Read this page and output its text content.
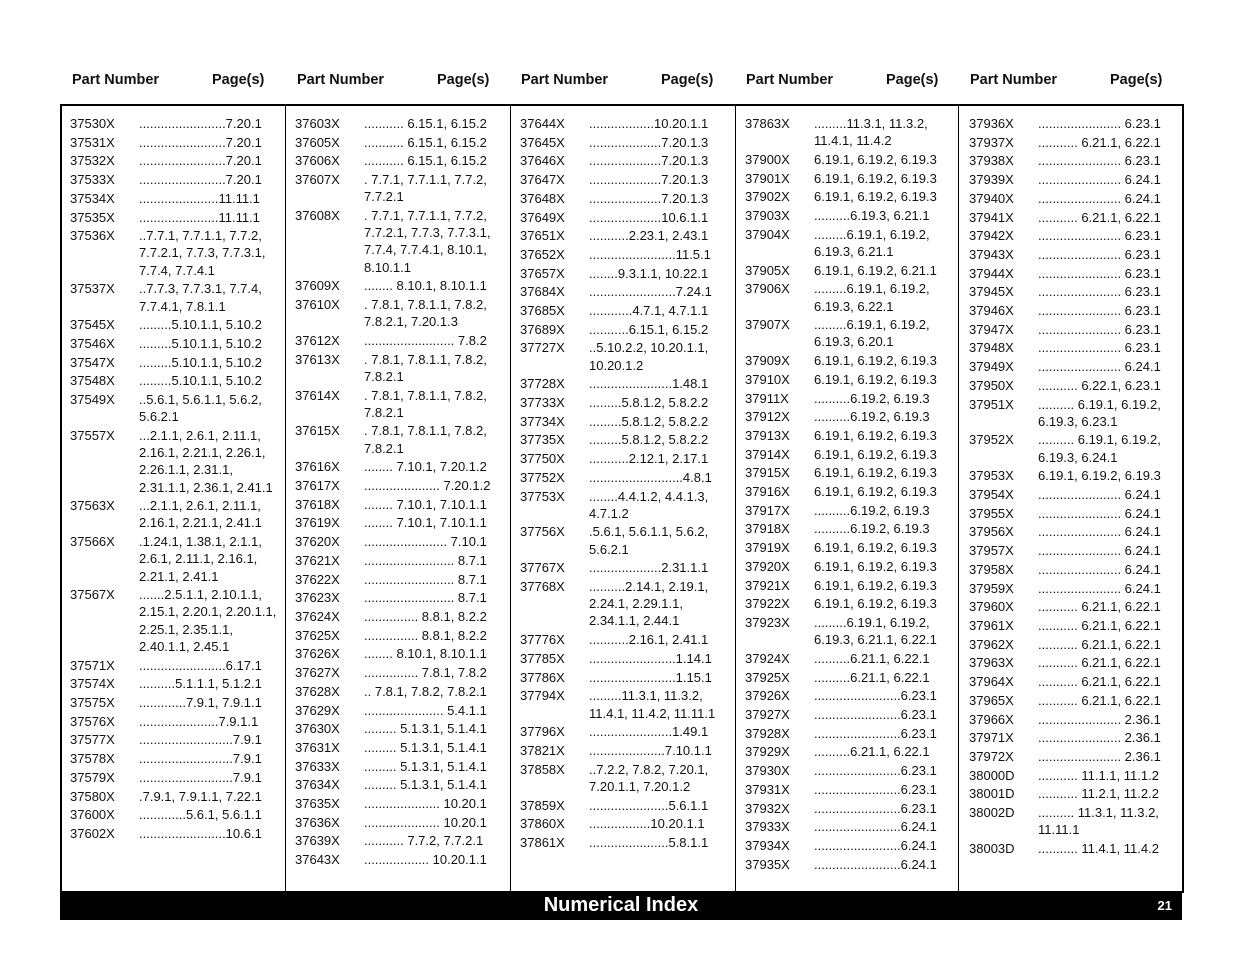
Part Number	Page(s) Part Number	Page(s) Part Number	Page(s) Part Number	Page(s) Part Number	Page(s)
37530X ........................7.20.1
37531X ........................7.20.1
37532X ........................7.20.1
37533X ........................7.20.1
37534X ......................11.11.1
37535X ......................11.11.1
37536X ..7.7.1, 7.7.1.1, 7.7.2, 7.7.2.1, 7.7.3, 7.7.3.1, 7.7.4, 7.7.4.1
37537X ..7.7.3, 7.7.3.1, 7.7.4, 7.7.4.1, 7.8.1.1
37545X .........5.10.1.1, 5.10.2
37546X .........5.10.1.1, 5.10.2
37547X .........5.10.1.1, 5.10.2
37548X .........5.10.1.1, 5.10.2
37549X ..5.6.1, 5.6.1.1, 5.6.2, 5.6.2.1
37557X ...2.1.1, 2.6.1, 2.11.1, 2.16.1, 2.21.1, 2.26.1, 2.26.1.1, 2.31.1, 2.31.1.1, 2.36.1, 2.41.1
37563X ...2.1.1, 2.6.1, 2.11.1, 2.16.1, 2.21.1, 2.41.1
37566X .1.24.1, 1.38.1, 2.1.1, 2.6.1, 2.11.1, 2.16.1, 2.21.1, 2.41.1
37567X .......2.5.1.1, 2.10.1.1, 2.15.1, 2.20.1, 2.20.1.1, 2.25.1, 2.35.1.1, 2.40.1.1, 2.45.1
37571X ........................6.17.1
37574X ..........5.1.1.1, 5.1.2.1
37575X .............7.9.1, 7.9.1.1
37576X ......................7.9.1.1
37577X ..........................7.9.1
37578X ..........................7.9.1
37579X ..........................7.9.1
37580X .7.9.1, 7.9.1.1, 7.22.1
37600X .............5.6.1, 5.6.1.1
37602X ........................10.6.1
37603X ........... 6.15.1, 6.15.2
37605X ........... 6.15.1, 6.15.2
37606X ........... 6.15.1, 6.15.2
37607X . 7.7.1, 7.7.1.1, 7.7.2, 7.7.2.1
37608X . 7.7.1, 7.7.1.1, 7.7.2, 7.7.2.1, 7.7.3, 7.7.3.1, 7.7.4, 7.7.4.1, 8.10.1, 8.10.1.1
37609X ........ 8.10.1, 8.10.1.1
37610X . 7.8.1, 7.8.1.1, 7.8.2, 7.8.2.1, 7.20.1.3
37612X ......................... 7.8.2
37613X . 7.8.1, 7.8.1.1, 7.8.2, 7.8.2.1
37614X . 7.8.1, 7.8.1.1, 7.8.2, 7.8.2.1
37615X . 7.8.1, 7.8.1.1, 7.8.2, 7.8.2.1
37616X ........ 7.10.1, 7.20.1.2
37617X ..................... 7.20.1.2
37618X ........ 7.10.1, 7.10.1.1
37619X ........ 7.10.1, 7.10.1.1
37620X ....................... 7.10.1
37621X ......................... 8.7.1
37622X ......................... 8.7.1
37623X ......................... 8.7.1
37624X ............... 8.8.1, 8.2.2
37625X ............... 8.8.1, 8.2.2
37626X ........ 8.10.1, 8.10.1.1
37627X ............... 7.8.1, 7.8.2
37628X .. 7.8.1, 7.8.2, 7.8.2.1
37629X ...................... 5.4.1.1
37630X ......... 5.1.3.1, 5.1.4.1
37631X ......... 5.1.3.1, 5.1.4.1
37633X ......... 5.1.3.1, 5.1.4.1
37634X ......... 5.1.3.1, 5.1.4.1
37635X ..................... 10.20.1
37636X ..................... 10.20.1
37639X ........... 7.7.2, 7.7.2.1
37643X .................. 10.20.1.1
37644X ..................10.20.1.1
37645X ....................7.20.1.3
37646X ....................7.20.1.3
37647X ....................7.20.1.3
37648X ....................7.20.1.3
37649X ....................10.6.1.1
37651X ...........2.23.1, 2.43.1
37652X ........................11.5.1
37657X ........9.3.1.1, 10.22.1
37684X ........................7.24.1
37685X ............4.7.1, 4.7.1.1
37689X ...........6.15.1, 6.15.2
37727X ..5.10.2.2, 10.20.1.1, 10.20.1.2
37728X .......................1.48.1
37733X .........5.8.1.2, 5.8.2.2
37734X .........5.8.1.2, 5.8.2.2
37735X .........5.8.1.2, 5.8.2.2
37750X ...........2.12.1, 2.17.1
37752X ..........................4.8.1
37753X ........4.4.1.2, 4.4.1.3, 4.7.1.2
37756X .5.6.1, 5.6.1.1, 5.6.2, 5.6.2.1
37767X ....................2.31.1.1
37768X ..........2.14.1, 2.19.1, 2.24.1, 2.29.1.1, 2.34.1.1, 2.44.1
37776X ...........2.16.1, 2.41.1
37785X ........................1.14.1
37786X ........................1.15.1
37794X .........11.3.1, 11.3.2, 11.4.1, 11.4.2, 11.11.1
37796X .......................1.49.1
37821X .....................7.10.1.1
37858X ..7.2.2, 7.8.2, 7.20.1, 7.20.1.1, 7.20.1.2
37859X ......................5.6.1.1
37860X .................10.20.1.1
37861X ......................5.8.1.1
37863X .........11.3.1, 11.3.2, 11.4.1, 11.4.2
37900X 6.19.1, 6.19.2, 6.19.3
37901X 6.19.1, 6.19.2, 6.19.3
37902X 6.19.1, 6.19.2, 6.19.3
37903X ..........6.19.3, 6.21.1
37904X .........6.19.1, 6.19.2, 6.19.3, 6.21.1
37905X 6.19.1, 6.19.2, 6.21.1
37906X .........6.19.1, 6.19.2, 6.19.3, 6.22.1
37907X .........6.19.1, 6.19.2, 6.19.3, 6.20.1
37909X 6.19.1, 6.19.2, 6.19.3
37910X 6.19.1, 6.19.2, 6.19.3
37911X ..........6.19.2, 6.19.3
37912X ..........6.19.2, 6.19.3
37913X 6.19.1, 6.19.2, 6.19.3
37914X 6.19.1, 6.19.2, 6.19.3
37915X 6.19.1, 6.19.2, 6.19.3
37916X 6.19.1, 6.19.2, 6.19.3
37917X ..........6.19.2, 6.19.3
37918X ..........6.19.2, 6.19.3
37919X 6.19.1, 6.19.2, 6.19.3
37920X 6.19.1, 6.19.2, 6.19.3
37921X 6.19.1, 6.19.2, 6.19.3
37922X 6.19.1, 6.19.2, 6.19.3
37923X .........6.19.1, 6.19.2, 6.19.3, 6.21.1, 6.22.1
37924X ..........6.21.1, 6.22.1
37925X ..........6.21.1, 6.22.1
37926X ........................6.23.1
37927X ........................6.23.1
37928X ........................6.23.1
37929X ..........6.21.1, 6.22.1
37930X ........................6.23.1
37931X ........................6.23.1
37932X ........................6.23.1
37933X ........................6.24.1
37934X ........................6.24.1
37935X ........................6.24.1
37936X ....................... 6.23.1
37937X ........... 6.21.1, 6.22.1
37938X ....................... 6.23.1
37939X ....................... 6.24.1
37940X ....................... 6.24.1
37941X ........... 6.21.1, 6.22.1
37942X ....................... 6.23.1
37943X ....................... 6.23.1
37944X ....................... 6.23.1
37945X ....................... 6.23.1
37946X ....................... 6.23.1
37947X ....................... 6.23.1
37948X ....................... 6.23.1
37949X ....................... 6.24.1
37950X ........... 6.22.1, 6.23.1
37951X .......... 6.19.1, 6.19.2, 6.19.3, 6.23.1
37952X .......... 6.19.1, 6.19.2, 6.19.3, 6.24.1
37953X 6.19.1, 6.19.2, 6.19.3
37954X ....................... 6.24.1
37955X ....................... 6.24.1
37956X ....................... 6.24.1
37957X ....................... 6.24.1
37958X ....................... 6.24.1
37959X ....................... 6.24.1
37960X ........... 6.21.1, 6.22.1
37961X ........... 6.21.1, 6.22.1
37962X ........... 6.21.1, 6.22.1
37963X ........... 6.21.1, 6.22.1
37964X ........... 6.21.1, 6.22.1
37965X ........... 6.21.1, 6.22.1
37966X ....................... 2.36.1
37971X ....................... 2.36.1
37972X ....................... 2.36.1
38000D ........... 11.1.1, 11.1.2
38001D ........... 11.2.1, 11.2.2
38002D .......... 11.3.1, 11.3.2, 11.11.1
38003D ........... 11.4.1, 11.4.2
Numerical Index	21
